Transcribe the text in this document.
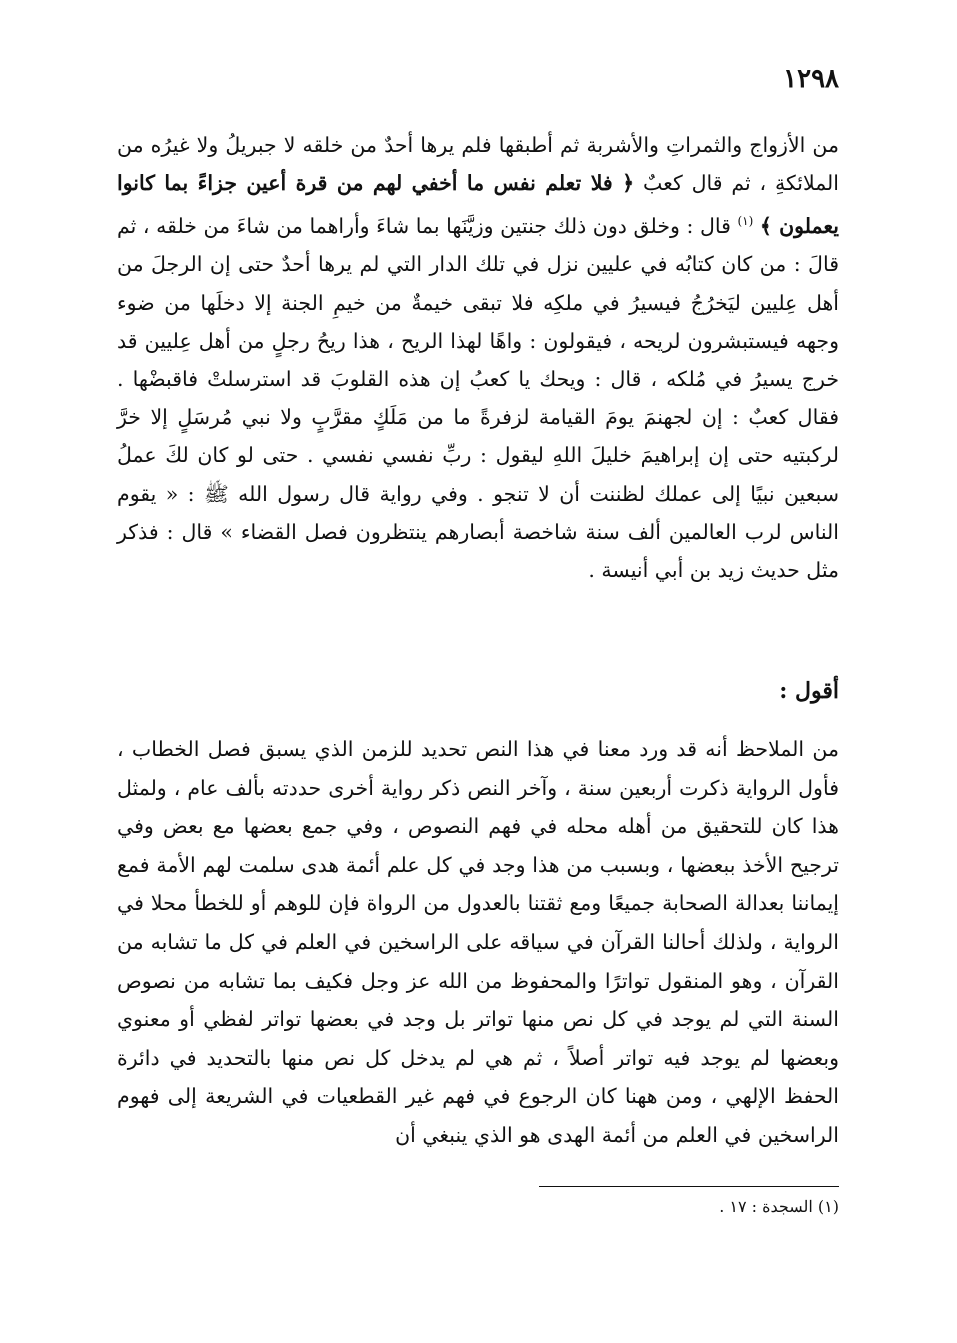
١٢٩٨

من الأزواج والثمراتِ والأشربة ثم أطبقها فلم يرها أحدٌ من خلقه لا جبريلُ ولا غيرُه من الملائكةِ ، ثم قال كعبٌ ﴿ فلا تعلم نفس ما أخفي لهم من قرة أعين جزاءً بما كانوا يعملون ﴾ $^{(١)}$ قال : وخلق دون ذلك جنتين وزيَّنَها بما شاءَ وأراهما من شاءَ من خلقه ، ثم قالَ : من كان كتابُه في عليين نزل في تلك الدار التي لم يرها أحدٌ حتى إن الرجلَ من أهل عِليين ليَخرُجُ فيسيرُ في ملكِه فلا تبقى خيمةٌ من خيمِ الجنة إلا دخلَها من ضوء وجهه فيستبشرون لريحه ، فيقولون : واهًا لهذا الريح ، هذا ريحُ رجلٍ من أهل عِليين قد خرج يسيرُ في مُلكه ، قال : ويحك يا كعبُ إن هذه القلوبَ قد استرسلتْ فاقبضْها . فقال كعبٌ : إن لجهنمَ يومَ القيامة لزفرةً ما من مَلَكٍ مقرَّبٍ ولا نبي مُرسَلٍ إلا خرَّ لركبتيه حتى إن إبراهيمَ خليلَ اللهِ ليقول : ربِّ نفسي نفسي . حتى لو كان لكَ عملُ سبعين نبيًا إلى عملك لظننت أن لا تنجو . وفي رواية قال رسول الله ﷺ : « يقوم الناس لرب العالمين ألف سنة شاخصة أبصارهم ينتظرون فصل القضاء » قال : فذكر مثل حديث زيد بن أبي أنيسة .

أقول :

من الملاحظ أنه قد ورد معنا في هذا النص تحديد للزمن الذي يسبق فصل الخطاب ، فأول الرواية ذكرت أربعين سنة ، وآخر النص ذكر رواية أخرى حددته بألف عام ، ولمثل هذا كان للتحقيق من أهله محله في فهم النصوص ، وفي جمع بعضها مع بعض وفي ترجيح الأخذ ببعضها ، وبسبب من هذا وجد في كل علم أئمة هدى سلمت لهم الأمة فمع إيماننا بعدالة الصحابة جميعًا ومع ثقتنا بالعدول من الرواة فإن للوهم أو للخطأ محلا في الرواية ، ولذلك أحالنا القرآن في سياقه على الراسخين في العلم في كل ما تشابه من القرآن ، وهو المنقول تواترًا والمحفوظ من الله عز وجل فكيف بما تشابه من نصوص السنة التي لم يوجد في كل نص منها تواتر بل وجد في بعضها تواتر لفظي أو معنوي وبعضها لم يوجد فيه تواتر أصلاً ، ثم هي لم يدخل كل نص منها بالتحديد في دائرة الحفظ الإلهي ، ومن ههنا كان الرجوع في فهم غير القطعيات في الشريعة إلى فهوم الراسخين في العلم من أئمة الهدى هو الذي ينبغي أن

(١) السجدة : ١٧ .
